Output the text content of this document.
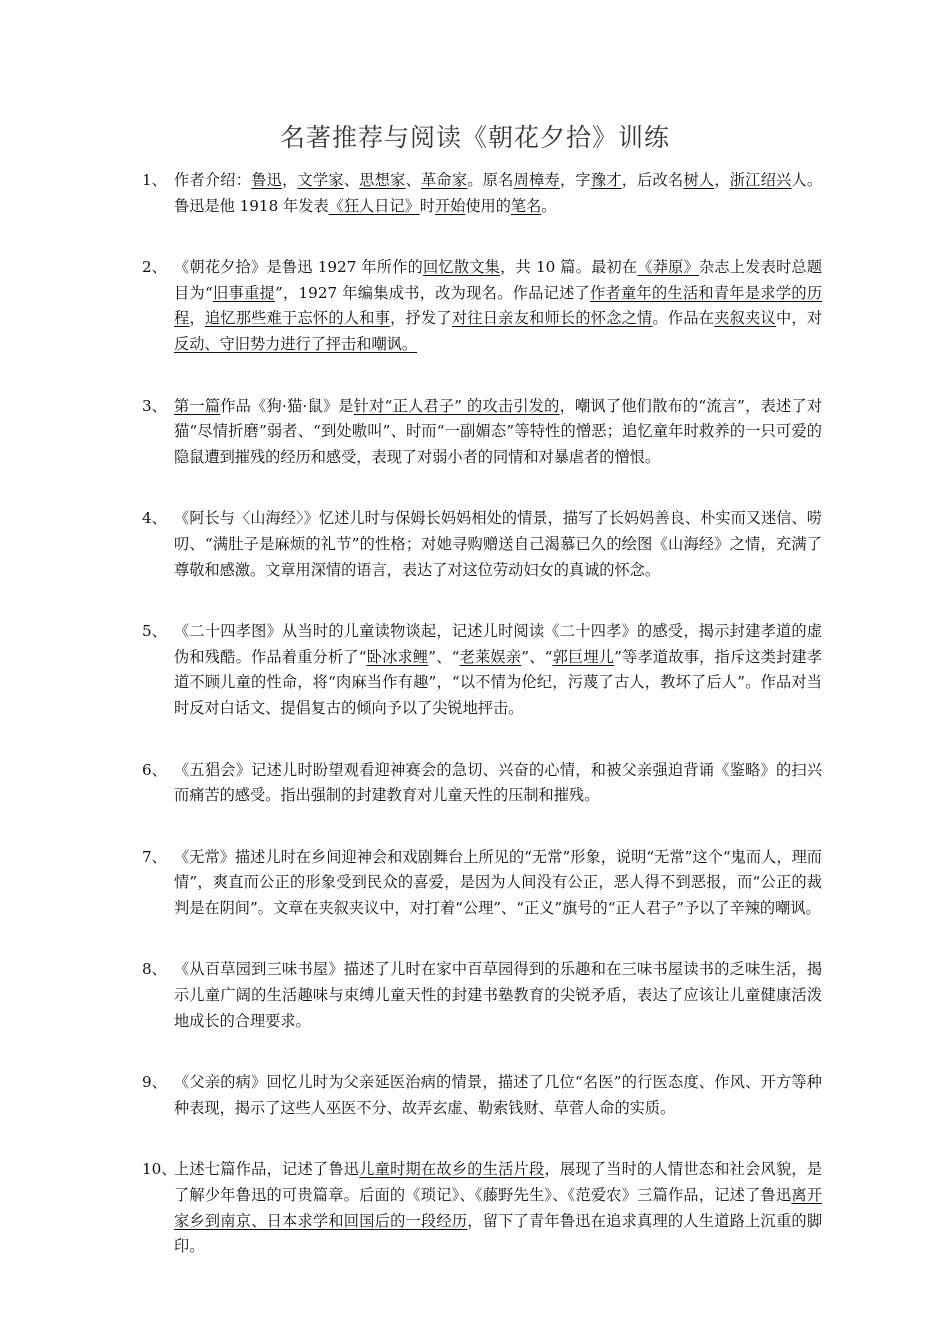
名著推荐与阅读《朝花夕拾》训练
1、 作者介绍：鲁迅，文学家、思想家、革命家。原名周樟寿，字豫才，后改名树人，浙江绍兴人。鲁迅是他 1918 年发表《狂人日记》时开始使用的笔名。
2、 《朝花夕拾》是鲁迅 1927 年所作的回忆散文集，共 10 篇。最初在《莽原》杂志上发表时总题目为“旧事重提”，1927 年编集成书，改为现名。作品记述了作者童年的生活和青年是求学的历程，追忆那些难于忘怀的人和事，抒发了对往日亲友和师长的怀念之情。作品在夹叙夹议中，对反动、守旧势力进行了抨击和嘲讽。
3、 第一篇作品《狗·猫·鼠》是针对“正人君子” 的攻击引发的，嘲讽了他们散布的“流言”，表述了对猫“尽情折磨”弱者、“到处嗷叫”、时而“一副媚态”等特性的憎恶；追忆童年时救养的一只可爱的隐鼠遭到摧残的经历和感受，表现了对弱小者的同情和对暴虐者的憎恨。
4、 《阿长与〈山海经〉》忆述儿时与保姆长妈妈相处的情景，描写了长妈妈善良、朴实而又迷信、唠叨、“满肚子是麻烦的礼节”的性格；对她寻购赠送自己渴慕已久的绘图《山海经》之情，充满了尊敬和感激。文章用深情的语言，表达了对这位劳动妇女的真诚的怀念。
5、 《二十四孝图》从当时的儿童读物谈起，记述儿时阅读《二十四孝》的感受，揭示封建孝道的虚伪和残酷。作品着重分析了“卧冰求鲤”、“老莱娱亲”、“郭巨埋儿”等孝道故事，指斥这类封建孝道不顾儿童的性命，将“肉麻当作有趣”，“以不情为伦纪，污蔑了古人，教坏了后人”。作品对当时反对白话文、提倡复古的倾向予以了尖锐地抨击。
6、 《五猖会》记述儿时盼望观看迎神赛会的急切、兴奋的心情，和被父亲强迫背诵《鉴略》的扫兴而痛苦的感受。指出强制的封建教育对儿童天性的压制和摧残。
7、 《无常》描述儿时在乡间迎神会和戏剧舞台上所见的“无常”形象，说明“无常”这个“鬼而人，理而情”，爽直而公正的形象受到民众的喜爱，是因为人间没有公正，恶人得不到恶报，而“公正的裁判是在阴间”。文章在夹叙夹议中，对打着“公理”、“正义”旗号的“正人君子”予以了辛辣的嘲讽。
8、 《从百草园到三味书屋》描述了儿时在家中百草园得到的乐趣和在三味书屋读书的乏味生活，揭示儿童广阔的生活趣味与束缚儿童天性的封建书塾教育的尖锐矛盾，表达了应该让儿童健康活泼地成长的合理要求。
9、 《父亲的病》回忆儿时为父亲延医治病的情景，描述了几位“名医”的行医态度、作风、开方等种种表现，揭示了这些人巫医不分、故弄玄虚、勒索钱财、草菅人命的实质。
10、
上述七篇作品，记述了鲁迅儿童时期在故乡的生活片段，展现了当时的人情世态和社会风貌，是了解少年鲁迅的可贵篇章。后面的《琐记》、《藤野先生》、《范爱农》三篇作品，记述了鲁迅离开家乡到南京、日本求学和回国后的一段经历，留下了青年鲁迅在追求真理的人生道路上沉重的脚印。
